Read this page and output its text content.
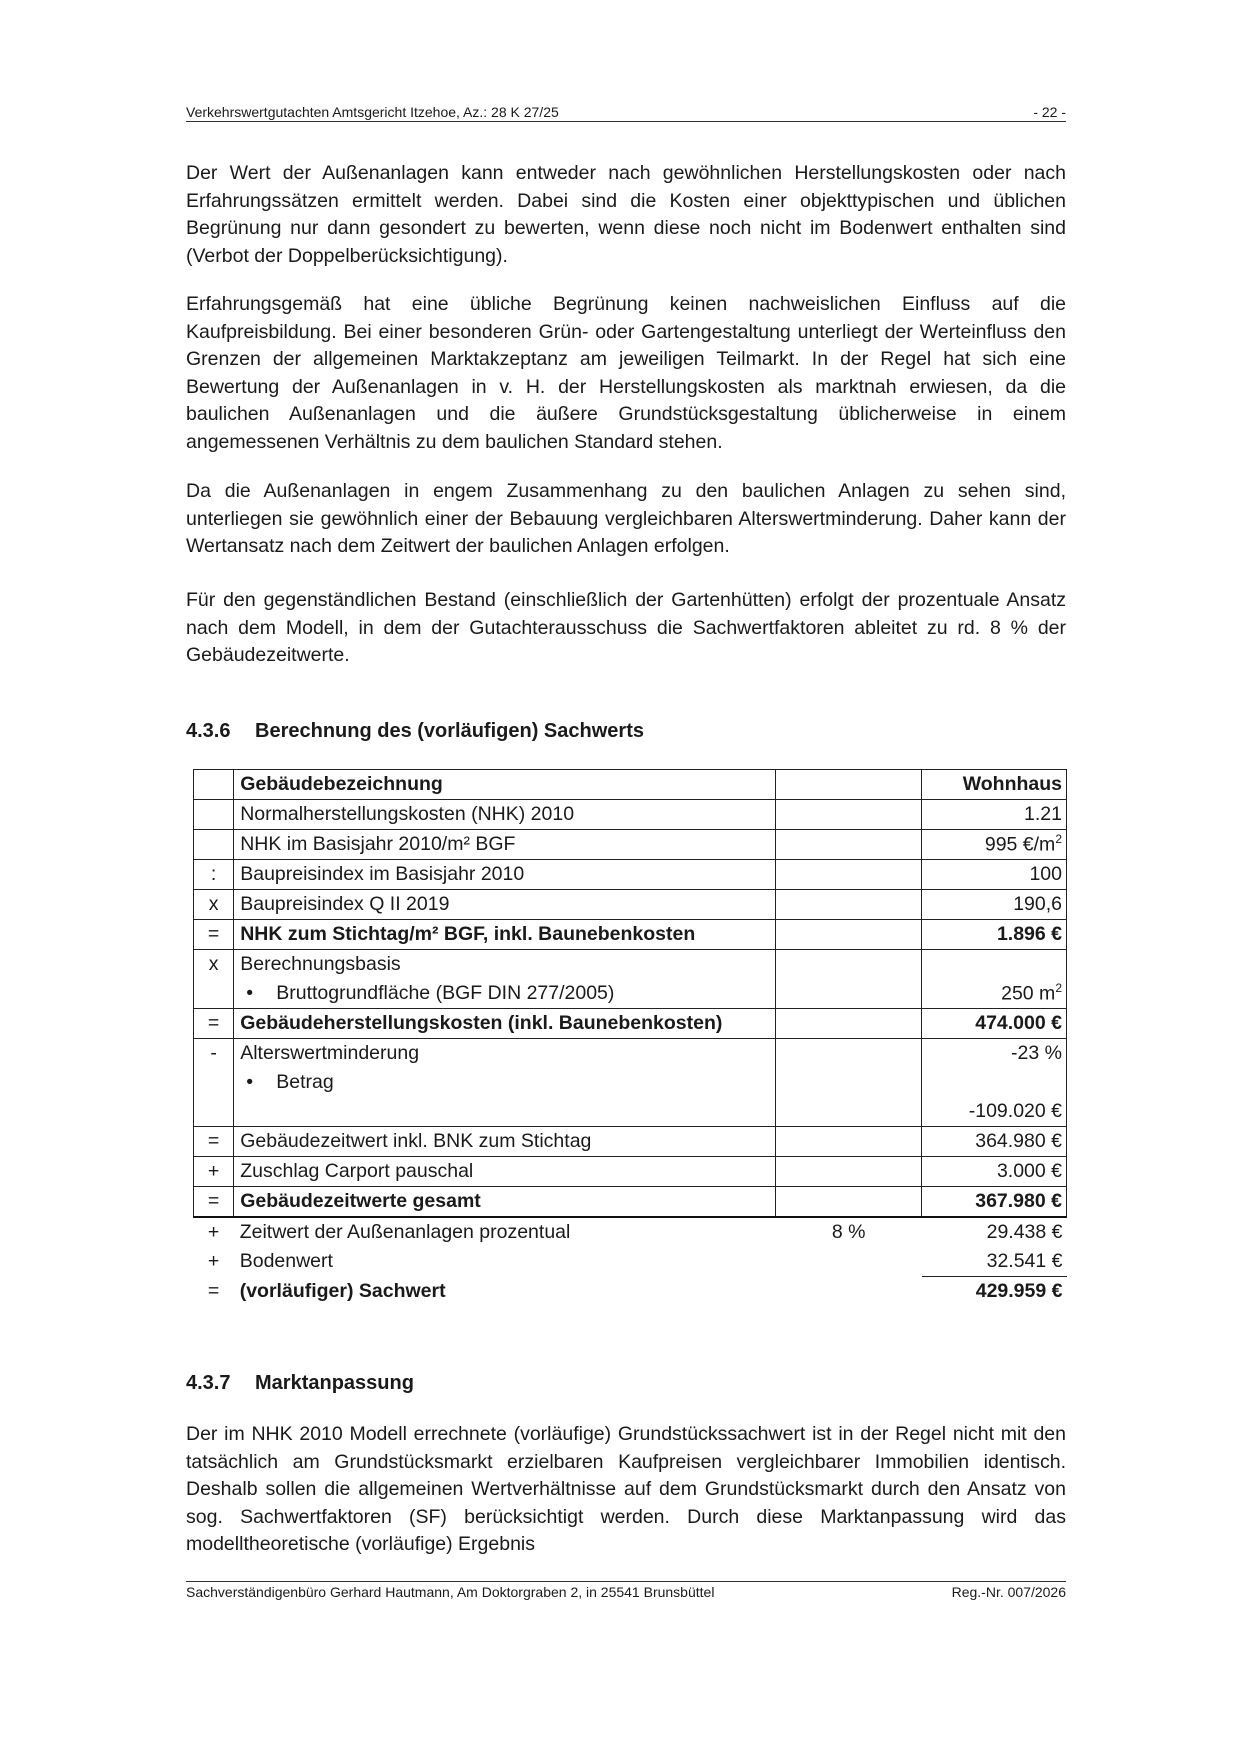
Verkehrswertgutachten Amtsgericht Itzehoe, Az.: 28 K 27/25	- 22 -

Der Wert der Außenanlagen kann entweder nach gewöhnlichen Herstellungskosten oder nach Erfahrungssätzen ermittelt werden. Dabei sind die Kosten einer objekttypischen und üblichen Begrünung nur dann gesondert zu bewerten, wenn diese noch nicht im Bodenwert enthalten sind (Verbot der Doppelberücksichtigung).

Erfahrungsgemäß hat eine übliche Begrünung keinen nachweislichen Einfluss auf die Kaufpreisbildung. Bei einer besonderen Grün- oder Gartengestaltung unterliegt der Werteinfluss den Grenzen der allgemeinen Marktakzeptanz am jeweiligen Teilmarkt. In der Regel hat sich eine Bewertung der Außenanlagen in v. H. der Herstellungskosten als marktnah erwiesen, da die baulichen Außenanlagen und die äußere Grundstücksgestaltung üblicherweise in einem angemessenen Verhältnis zu dem baulichen Standard stehen.

Da die Außenanlagen in engem Zusammenhang zu den baulichen Anlagen zu sehen sind, unterliegen sie gewöhnlich einer der Bebauung vergleichbaren Alterswertminderung. Daher kann der Wertansatz nach dem Zeitwert der baulichen Anlagen erfolgen.

Für den gegenständlichen Bestand (einschließlich der Gartenhütten) erfolgt der prozentuale Ansatz nach dem Modell, in dem der Gutachterausschuss die Sachwertfaktoren ableitet zu rd. 8 % der Gebäudezeitwerte.

4.3.6 Berechnung des (vorläufigen) Sachwerts
	Gebäudebezeichnung		Wohnhaus
	Normalherstellungskosten (NHK) 2010		1.21
	NHK im Basisjahr 2010/m² BGF		995 $€/m^2$
:	Baupreisindex im Basisjahr 2010		100
x	Baupreisindex Q II 2019		190,6
=	NHK zum Stichtag/m² BGF, inkl. Baunebenkosten		1.896 €
x	Berechnungsbasis		
	• Bruttogrundfläche (BGF DIN 277/2005)		250 $m^2$
=	Gebäudeherstellungskosten (inkl. Baunebenkosten)		474.000 €
-	Alterswertminderung		-23 %
	• Betrag		
			-109.020 €
=	Gebäudezeitwert inkl. BNK zum Stichtag		364.980 €
+	Zuschlag Carport pauschal		3.000 €
=	Gebäudezeitwerte gesamt		367.980 €
+	Zeitwert der Außenanlagen prozentual	8 %	29.438 €
+	Bodenwert		32.541 €
=	(vorläufiger) Sachwert		429.959 €
4.3.7 Marktanpassung

Der im NHK 2010 Modell errechnete (vorläufige) Grundstückssachwert ist in der Regel nicht mit den tatsächlich am Grundstücksmarkt erzielbaren Kaufpreisen vergleichbarer Immobilien identisch. Deshalb sollen die allgemeinen Wertverhältnisse auf dem Grundstücksmarkt durch den Ansatz von sog. Sachwertfaktoren (SF) berücksichtigt werden. Durch diese Marktanpassung wird das modelltheoretische (vorläufige) Ergebnis

Sachverständigenbüro Gerhard Hautmann, Am Doktorgraben 2, in 25541 Brunsbüttel	Reg.-Nr. 007/2026
